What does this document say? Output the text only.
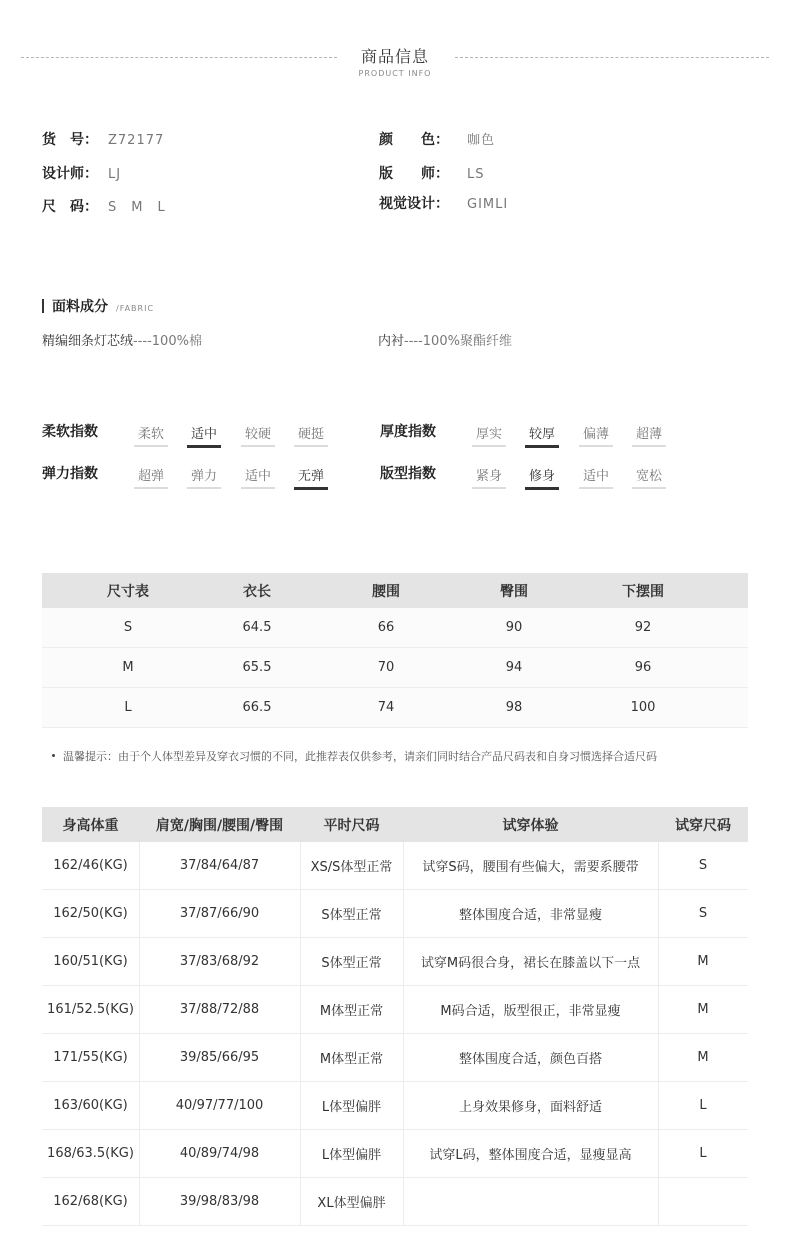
商品信息
PRODUCT INFO
货　号： Z72177	颜　　色： 咖色
设计师： LJ	版　　师： LS
尺　码： S　M　L	视觉设计： GIMLI
面料成分 /FABRIC
精编细条灯芯绒----100%棉	内衬----100%聚酯纤维
柔软指数	柔软	适中	较硬	硬挺	厚度指数	厚实	较厚	偏薄	超薄
弹力指数	超弹	弹力	适中	无弹	版型指数	紧身	修身	适中	宽松
尺寸表	衣长	腰围	臀围	下摆围
S	64.5	66	90	92
M	65.5	70	94	96
L	66.5	74	98	100
温馨提示：由于个人体型差异及穿衣习惯的不同，此推荐表仅供参考，请亲们同时结合产品尺码表和自身习惯选择合适尺码
身高体重	肩宽/胸围/腰围/臀围	平时尺码	试穿体验	试穿尺码
162/46(KG)	37/84/64/87	XS/S体型正常	试穿S码，腰围有些偏大，需要系腰带	S
162/50(KG)	37/87/66/90	S体型正常	整体围度合适，非常显瘦	S
160/51(KG)	37/83/68/92	S体型正常	试穿M码很合身，裙长在膝盖以下一点	M
161/52.5(KG)	37/88/72/88	M体型正常	M码合适，版型很正，非常显瘦	M
171/55(KG)	39/85/66/95	M体型正常	整体围度合适，颜色百搭	M
163/60(KG)	40/97/77/100	L体型偏胖	上身效果修身，面料舒适	L
168/63.5(KG)	40/89/74/98	L体型偏胖	试穿L码，整体围度合适，显瘦显高	L
162/68(KG)	39/98/83/98	XL体型偏胖
